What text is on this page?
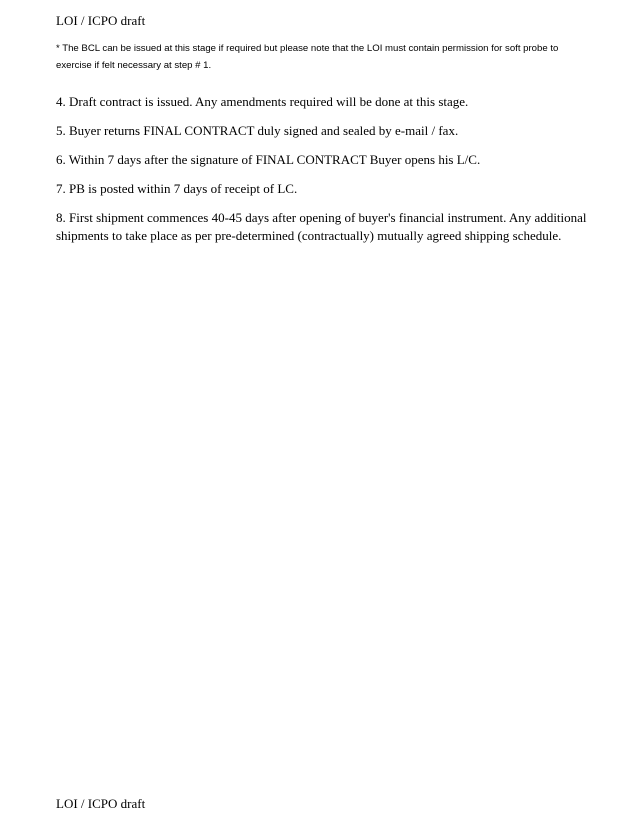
LOI / ICPO draft
* The BCL can be issued at this stage if required but please note that the LOI must contain permission for soft probe to exercise if felt necessary at step # 1.
4. Draft contract is issued. Any amendments required will be done at this stage.
5. Buyer returns FINAL CONTRACT duly signed and sealed by e-mail / fax.
6. Within 7 days after the signature of FINAL CONTRACT Buyer opens his L/C.
7. PB is posted within 7 days of receipt of LC.
8. First shipment commences 40-45 days after opening of buyer's financial instrument. Any additional shipments to take place as per pre-determined (contractually) mutually agreed shipping schedule.
LOI / ICPO draft
